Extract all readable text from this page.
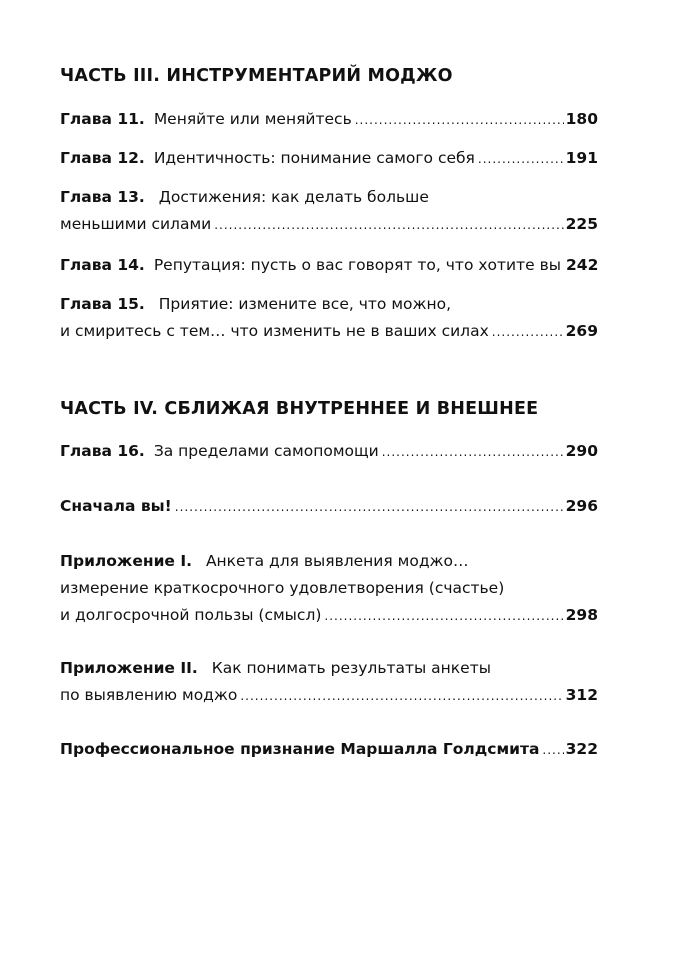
ЧАСТЬ III. ИНСТРУМЕНТАРИЙ МОДЖО
Глава 11. Меняйте или меняйтесь .....	180
Глава 12. Идентичность: понимание самого себя .....	191
Глава 13. Достижения: как делать больше
меньшими силами .....	225
Глава 14. Репутация: пусть о вас говорят то, что хотите вы 242
Глава 15. Приятие: измените все, что можно,
и смиритесь с тем… что изменить не в ваших силах .....	269
ЧАСТЬ IV. СБЛИЖАЯ ВНУТРЕННЕЕ И ВНЕШНЕЕ
Глава 16. За пределами самопомощи .....	290
Сначала вы! .....	296
Приложение I. Анкета для выявления моджо…
измерение краткосрочного удовлетворения (счастье)
и долгосрочной пользы (смысл) .....	298
Приложение II. Как понимать результаты анкеты
по выявлению моджо .....	312
Профессиональное признание Маршалла Голдсмита ..... 322
